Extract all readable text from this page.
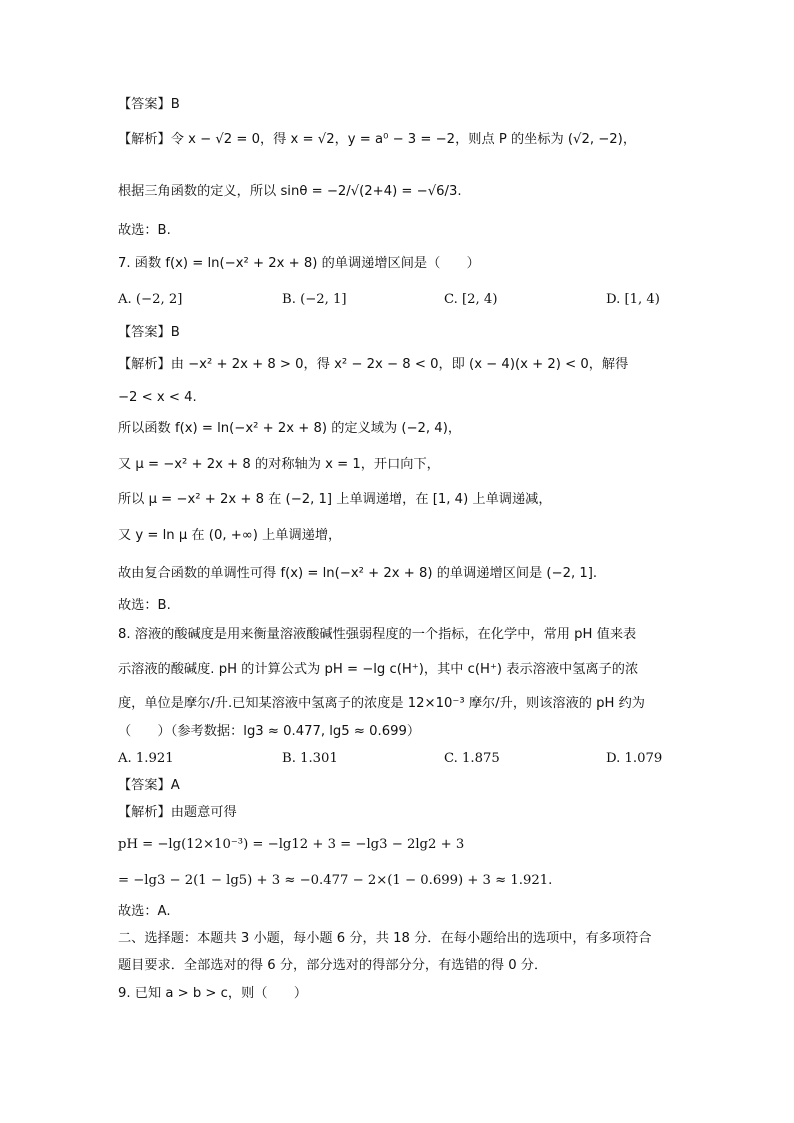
【答案】B
【解析】令 x − √2 = 0，得 x = √2，y = a⁰ − 3 = −2，则点 P 的坐标为 (√2, −2)，
根据三角函数的定义，所以 sinθ = −2/√(2+4) = −√6/3.
故选：B.
7. 函数 f(x) = ln(−x² + 2x + 8) 的单调递增区间是（　　）
A. (−2, 2]	B. (−2, 1]	C. [2, 4)	D. [1, 4)
【答案】B
【解析】由 −x² + 2x + 8 > 0，得 x² − 2x − 8 < 0，即 (x − 4)(x + 2) < 0，解得
−2 < x < 4.
所以函数 f(x) = ln(−x² + 2x + 8) 的定义域为 (−2, 4)，
又 μ = −x² + 2x + 8 的对称轴为 x = 1，开口向下，
所以 μ = −x² + 2x + 8 在 (−2, 1] 上单调递增，在 [1, 4) 上单调递减，
又 y = ln μ 在 (0, +∞) 上单调递增，
故由复合函数的单调性可得 f(x) = ln(−x² + 2x + 8) 的单调递增区间是 (−2, 1].
故选：B.
8. 溶液的酸碱度是用来衡量溶液酸碱性强弱程度的一个指标，在化学中，常用 pH 值来表
示溶液的酸碱度. pH 的计算公式为 pH = −lg c(H⁺)，其中 c(H⁺) 表示溶液中氢离子的浓
度，单位是摩尔/升.已知某溶液中氢离子的浓度是 12×10⁻³ 摩尔/升，则该溶液的 pH 约为
（　　）（参考数据：lg3 ≈ 0.477, lg5 ≈ 0.699）
A. 1.921	B. 1.301	C. 1.875	D. 1.079
【答案】A
【解析】由题意可得
pH = −lg(12×10⁻³) = −lg12 + 3 = −lg3 − 2lg2 + 3
= −lg3 − 2(1 − lg5) + 3 ≈ −0.477 − 2×(1 − 0.699) + 3 ≈ 1.921.
故选：A.
二、选择题：本题共 3 小题，每小题 6 分，共 18 分．在每小题给出的选项中，有多项符合
题目要求．全部选对的得 6 分，部分选对的得部分分，有选错的得 0 分．
9. 已知 a > b > c，则（　　）
